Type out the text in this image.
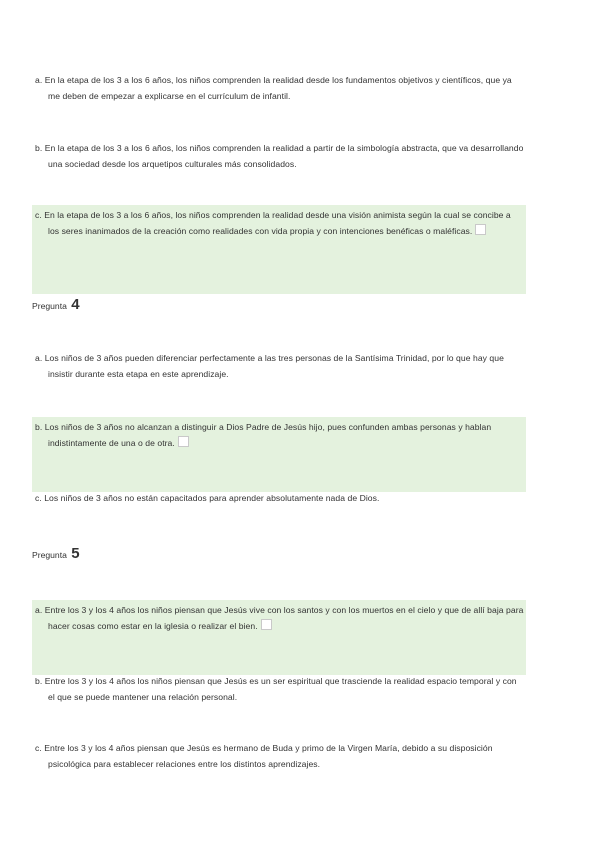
a. En la etapa de los 3 a los 6 años, los niños comprenden la realidad desde los fundamentos objetivos y científicos, que ya me deben de empezar a explicarse en el currículum de infantil.
b. En la etapa de los 3 a los 6 años, los niños comprenden la realidad a partir de la simbología abstracta, que va desarrollando una sociedad desde los arquetipos culturales más consolidados.
c. En la etapa de los 3 a los 6 años, los niños comprenden la realidad desde una visión animista según la cual se concibe a los seres inanimados de la creación como realidades con vida propia y con intenciones benéficas o maléficas.
Pregunta 4
a. Los niños de 3 años pueden diferenciar perfectamente a las tres personas de la Santísima Trinidad, por lo que hay que insistir durante esta etapa en este aprendizaje.
b. Los niños de 3 años no alcanzan a distinguir a Dios Padre de Jesús hijo, pues confunden ambas personas y hablan indistintamente de una o de otra.
c. Los niños de 3 años no están capacitados para aprender absolutamente nada de Dios.
Pregunta 5
a. Entre los 3 y los 4 años los niños piensan que Jesús vive con los santos y con los muertos en el cielo y que de allí baja para hacer cosas como estar en la iglesia o realizar el bien.
b. Entre los 3 y los 4 años los niños piensan que Jesús es un ser espiritual que trasciende la realidad espacio temporal y con el que se puede mantener una relación personal.
c. Entre los 3 y los 4 años piensan que Jesús es hermano de Buda y primo de la Virgen María, debido a su disposición psicológica para establecer relaciones entre los distintos aprendizajes.
